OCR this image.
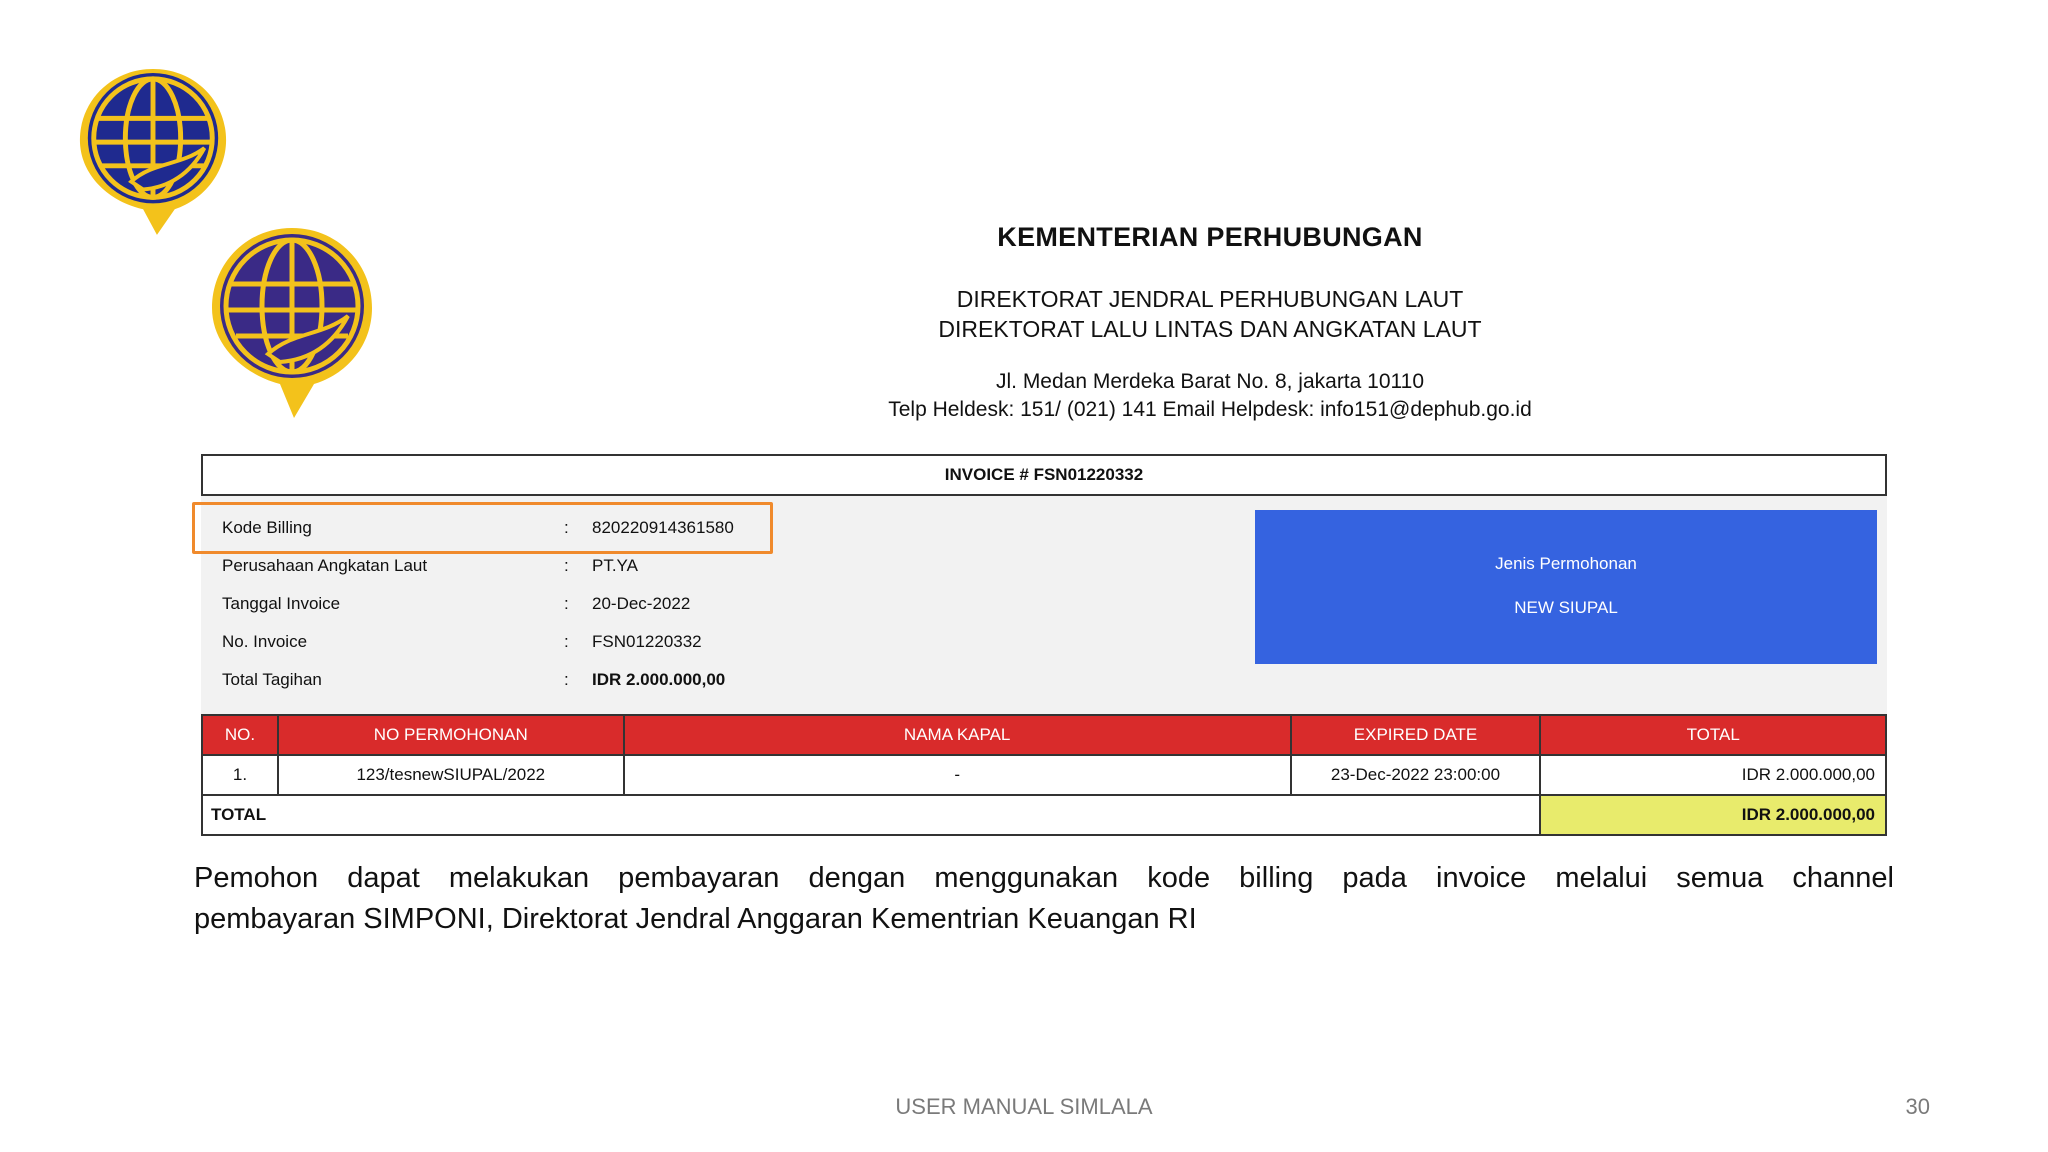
KEMENTERIAN PERHUBUNGAN
DIREKTORAT JENDRAL PERHUBUNGAN LAUT
DIREKTORAT LALU LINTAS DAN ANGKATAN LAUT
Jl. Medan Merdeka Barat No. 8, jakarta 10110
Telp Heldesk: 151/ (021) 141 Email Helpdesk: info151@dephub.go.id
INVOICE # FSN01220332
Kode Billing	:	820220914361580
Perusahaan Angkatan Laut	:	PT.YA
Tanggal Invoice	:	20-Dec-2022
No. Invoice	:	FSN01220332
Total Tagihan	:	IDR 2.000.000,00
Jenis Permohonan
NEW SIUPAL
NO.	NO PERMOHONAN	NAMA KAPAL	EXPIRED DATE	TOTAL
1.	123/tesnewSIUPAL/2022	-	23-Dec-2022 23:00:00	IDR 2.000.000,00
TOTAL				IDR 2.000.000,00
Pemohon dapat melakukan pembayaran dengan menggunakan kode billing pada invoice melalui semua channel
pembayaran SIMPONI, Direktorat Jendral Anggaran Kementrian Keuangan RI
USER MANUAL SIMLALA	30
